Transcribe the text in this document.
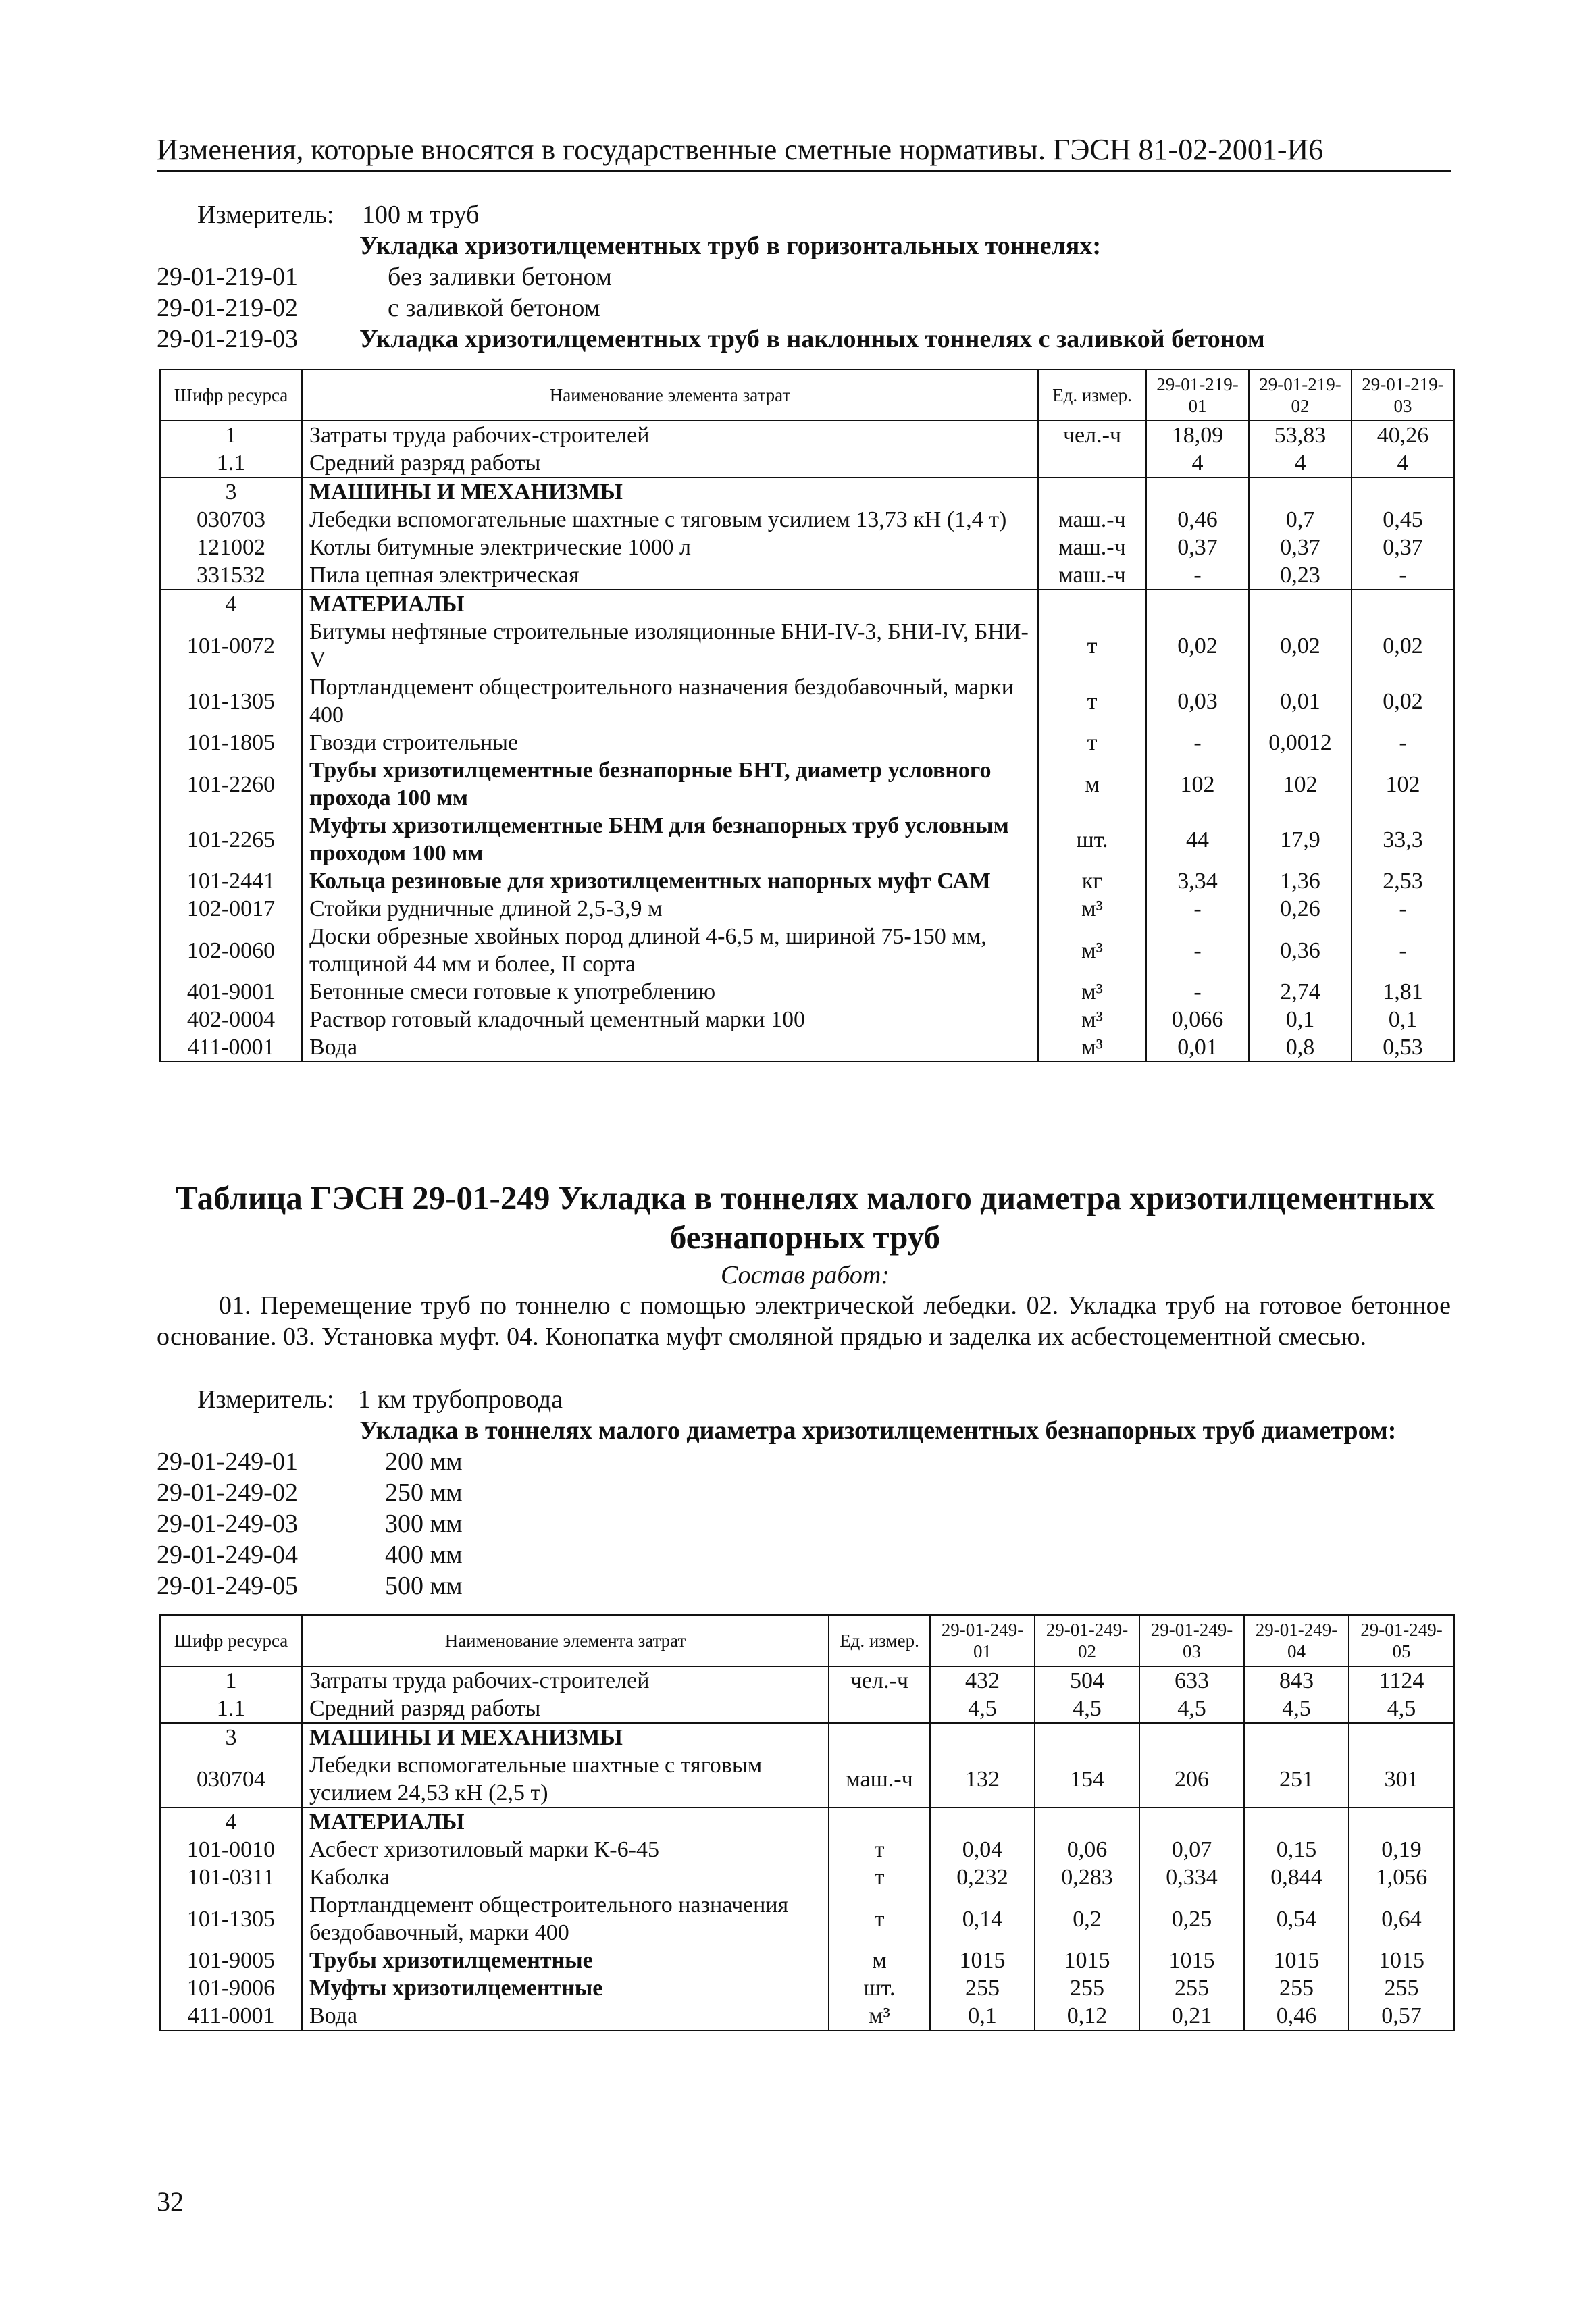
Изменения, которые вносятся в государственные сметные нормативы. ГЭСН 81-02-2001-И6
Измеритель: 100 м труб
Укладка хризотилцементных труб в горизонтальных тоннелях:
29-01-219-01	без заливки бетоном
29-01-219-02	с заливкой бетоном
29-01-219-03 Укладка хризотилцементных труб в наклонных тоннелях с заливкой бетоном
Шифр ресурса	Наименование элемента затрат	Ед. измер.	29-01-219-01	29-01-219-02	29-01-219-03
1	Затраты труда рабочих-строителей	чел.-ч	18,09	53,83	40,26
1.1	Средний разряд работы		4	4	4
3	МАШИНЫ И МЕХАНИЗМЫ				
030703	Лебедки вспомогательные шахтные с тяговым усилием 13,73 кН (1,4 т)	маш.-ч	0,46	0,7	0,45
121002	Котлы битумные электрические 1000 л	маш.-ч	0,37	0,37	0,37
331532	Пила цепная электрическая	маш.-ч	-	0,23	-
4	МАТЕРИАЛЫ				
101-0072	Битумы нефтяные строительные изоляционные БНИ-IV-3, БНИ-IV, БНИ-V	т	0,02	0,02	0,02
101-1305	Портландцемент общестроительного назначения бездобавочный, марки 400	т	0,03	0,01	0,02
101-1805	Гвозди строительные	т	-	0,0012	-
101-2260	Трубы хризотилцементные безнапорные БНТ, диаметр условного прохода 100 мм	м	102	102	102
101-2265	Муфты хризотилцементные БНМ для безнапорных труб условным проходом 100 мм	шт.	44	17,9	33,3
101-2441	Кольца резиновые для хризотилцементных напорных муфт САМ	кг	3,34	1,36	2,53
102-0017	Стойки рудничные длиной 2,5-3,9 м	м³	-	0,26	-
102-0060	Доски обрезные хвойных пород длиной 4-6,5 м, шириной 75-150 мм, толщиной 44 мм и более, II сорта	м³	-	0,36	-
401-9001	Бетонные смеси готовые к употреблению	м³	-	2,74	1,81
402-0004	Раствор готовый кладочный цементный марки 100	м³	0,066	0,1	0,1
411-0001	Вода	м³	0,01	0,8	0,53
Таблица ГЭСН 29-01-249 Укладка в тоннелях малого диаметра хризотилцементных безнапорных труб
Состав работ:
01. Перемещение труб по тоннелю с помощью электрической лебедки. 02. Укладка труб на готовое бетонное основание. 03. Установка муфт. 04. Конопатка муфт смоляной прядью и заделка их асбестоцементной смесью.
Измеритель: 1 км трубопровода
Укладка в тоннелях малого диаметра хризотилцементных безнапорных труб диаметром:
29-01-249-01	200 мм
29-01-249-02	250 мм
29-01-249-03	300 мм
29-01-249-04	400 мм
29-01-249-05	500 мм
Шифр ресурса	Наименование элемента затрат	Ед. измер.	29-01-249-01	29-01-249-02	29-01-249-03	29-01-249-04	29-01-249-05
1	Затраты труда рабочих-строителей	чел.-ч	432	504	633	843	1124
1.1	Средний разряд работы		4,5	4,5	4,5	4,5	4,5
3	МАШИНЫ И МЕХАНИЗМЫ						
030704	Лебедки вспомогательные шахтные с тяговым усилием 24,53 кН (2,5 т)	маш.-ч	132	154	206	251	301
4	МАТЕРИАЛЫ						
101-0010	Асбест хризотиловый марки К-6-45	т	0,04	0,06	0,07	0,15	0,19
101-0311	Каболка	т	0,232	0,283	0,334	0,844	1,056
101-1305	Портландцемент общестроительного назначения бездобавочный, марки 400	т	0,14	0,2	0,25	0,54	0,64
101-9005	Трубы хризотилцементные	м	1015	1015	1015	1015	1015
101-9006	Муфты хризотилцементные	шт.	255	255	255	255	255
411-0001	Вода	м³	0,1	0,12	0,21	0,46	0,57
32
